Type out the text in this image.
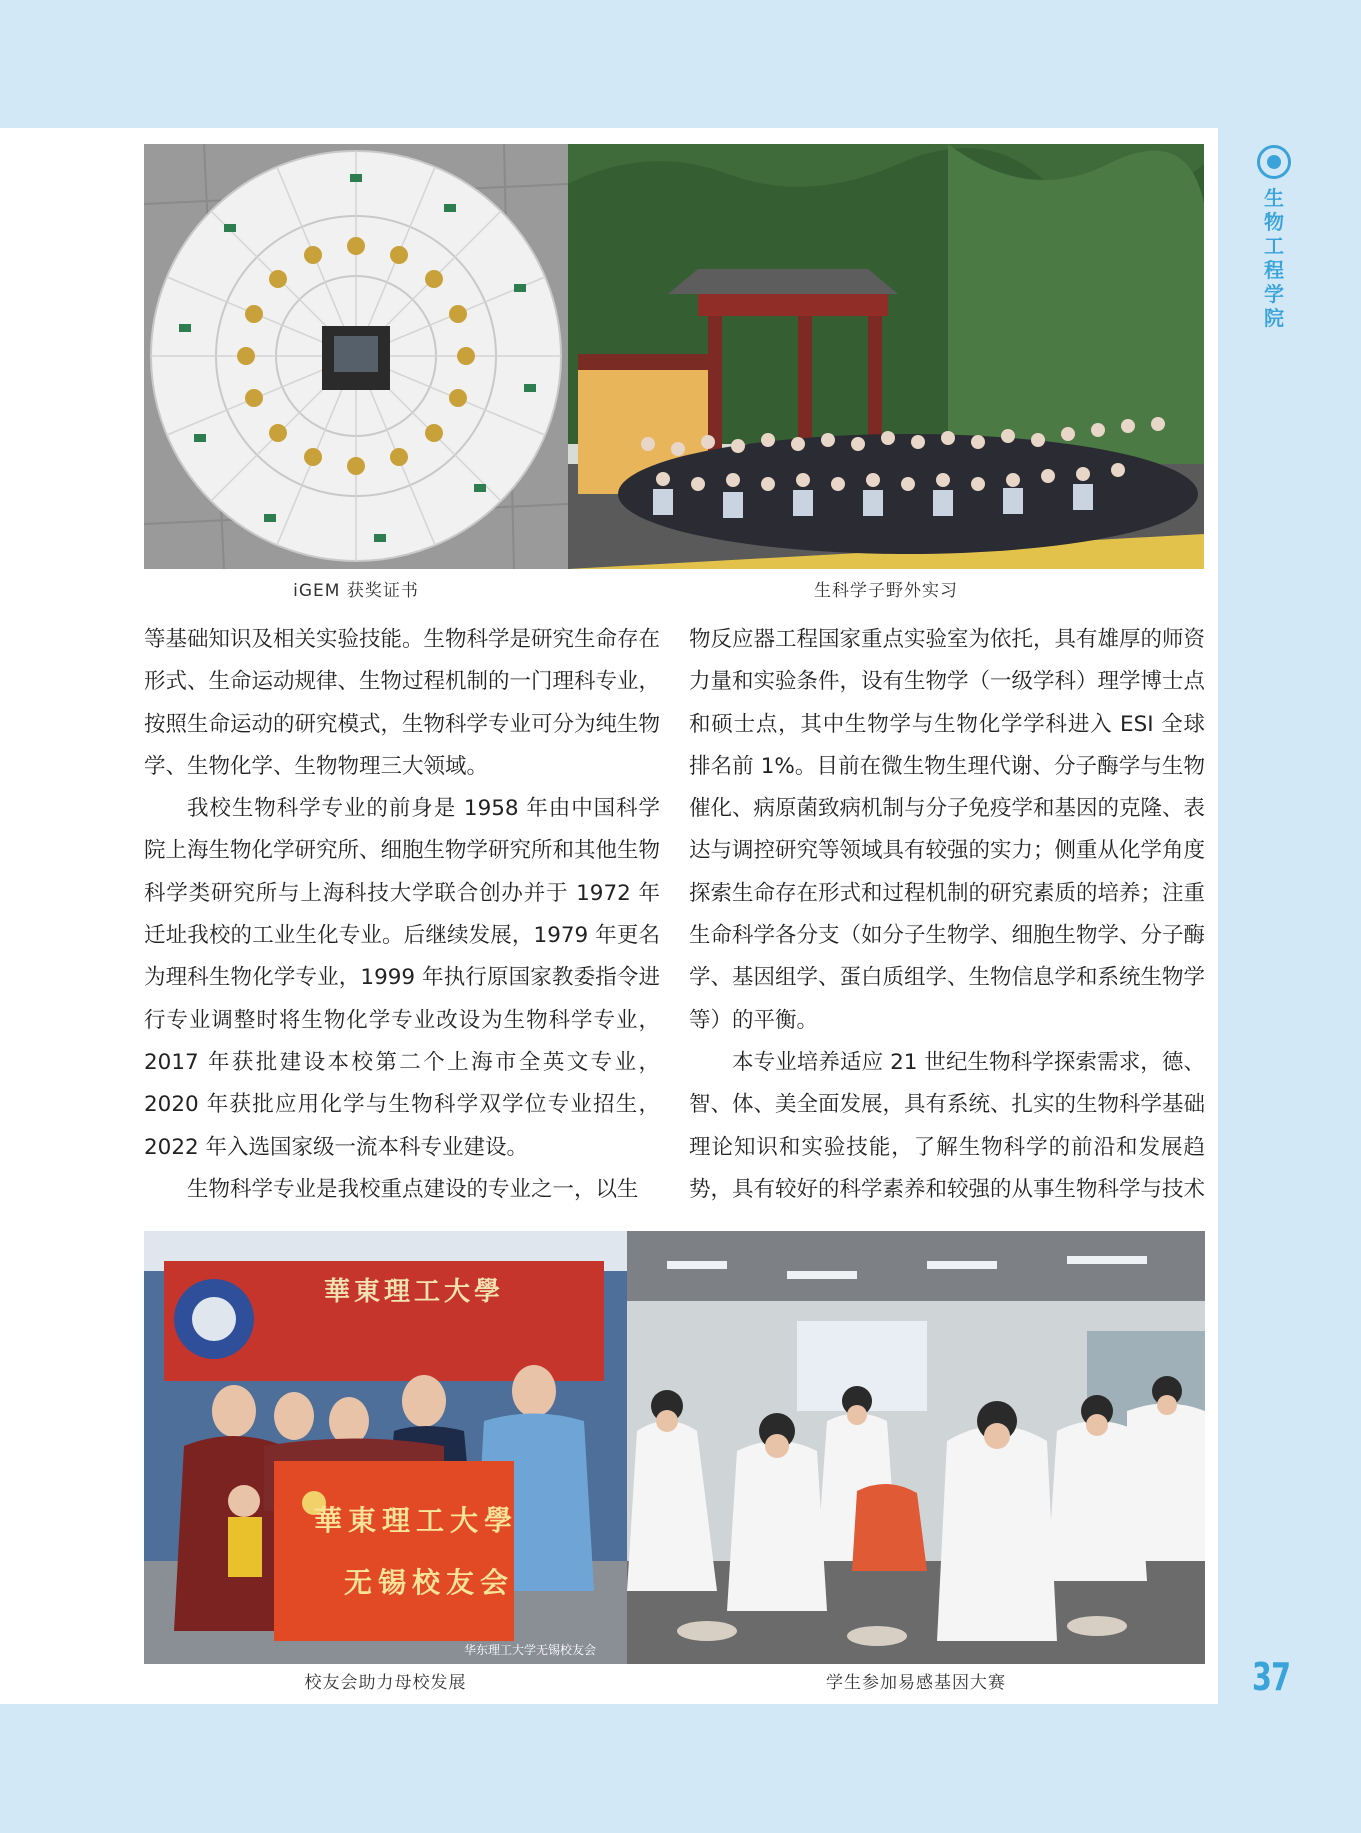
iGEM 获奖证书	生科学子野外实习

等基础知识及相关实验技能。生物科学是研究生命存在形式、生命运动规律、生物过程机制的一门理科专业，按照生命运动的研究模式，生物科学专业可分为纯生物学、生物化学、生物物理三大领域。

我校生物科学专业的前身是 1958 年由中国科学院上海生物化学研究所、细胞生物学研究所和其他生物科学类研究所与上海科技大学联合创办并于 1972 年迁址我校的工业生化专业。后继续发展，1979 年更名为理科生物化学专业，1999 年执行原国家教委指令进行专业调整时将生物化学专业改设为生物科学专业，2017 年获批建设本校第二个上海市全英文专业，2020 年获批应用化学与生物科学双学位专业招生，2022 年入选国家级一流本科专业建设。

生物科学专业是我校重点建设的专业之一，以生

物反应器工程国家重点实验室为依托，具有雄厚的师资力量和实验条件，设有生物学（一级学科）理学博士点和硕士点，其中生物学与生物化学学科进入 ESI 全球排名前 1%。目前在微生物生理代谢、分子酶学与生物催化、病原菌致病机制与分子免疫学和基因的克隆、表达与调控研究等领域具有较强的实力；侧重从化学角度探索生命存在形式和过程机制的研究素质的培养；注重生命科学各分支（如分子生物学、细胞生物学、分子酶学、基因组学、蛋白质组学、生物信息学和系统生物学等）的平衡。

本专业培养适应 21 世纪生物科学探索需求，德、智、体、美全面发展，具有系统、扎实的生物科学基础理论知识和实验技能，了解生物科学的前沿和发展趋势，具有较好的科学素养和较强的从事生物科学与技术

華東理工大學
華東理工大學
无锡校友会
华东理工大学无锡校友会
校友会助力母校发展	学生参加易感基因大赛
生物工程学院
37
